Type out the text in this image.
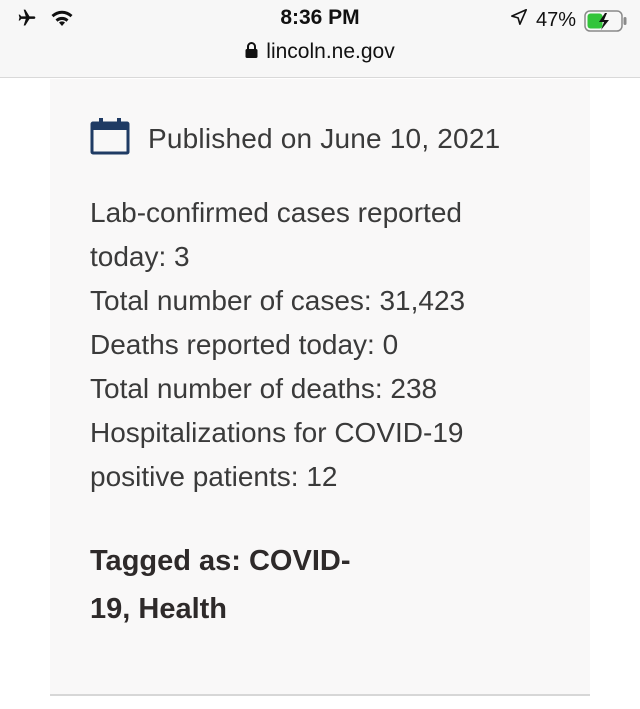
8:36 PM	47%
lincoln.ne.gov
Published on June 10, 2021
Lab-confirmed cases reported
today: 3
Total number of cases: 31,423
Deaths reported today: 0
Total number of deaths: 238
Hospitalizations for COVID-19
positive patients: 12
Tagged as: COVID-
19, Health
